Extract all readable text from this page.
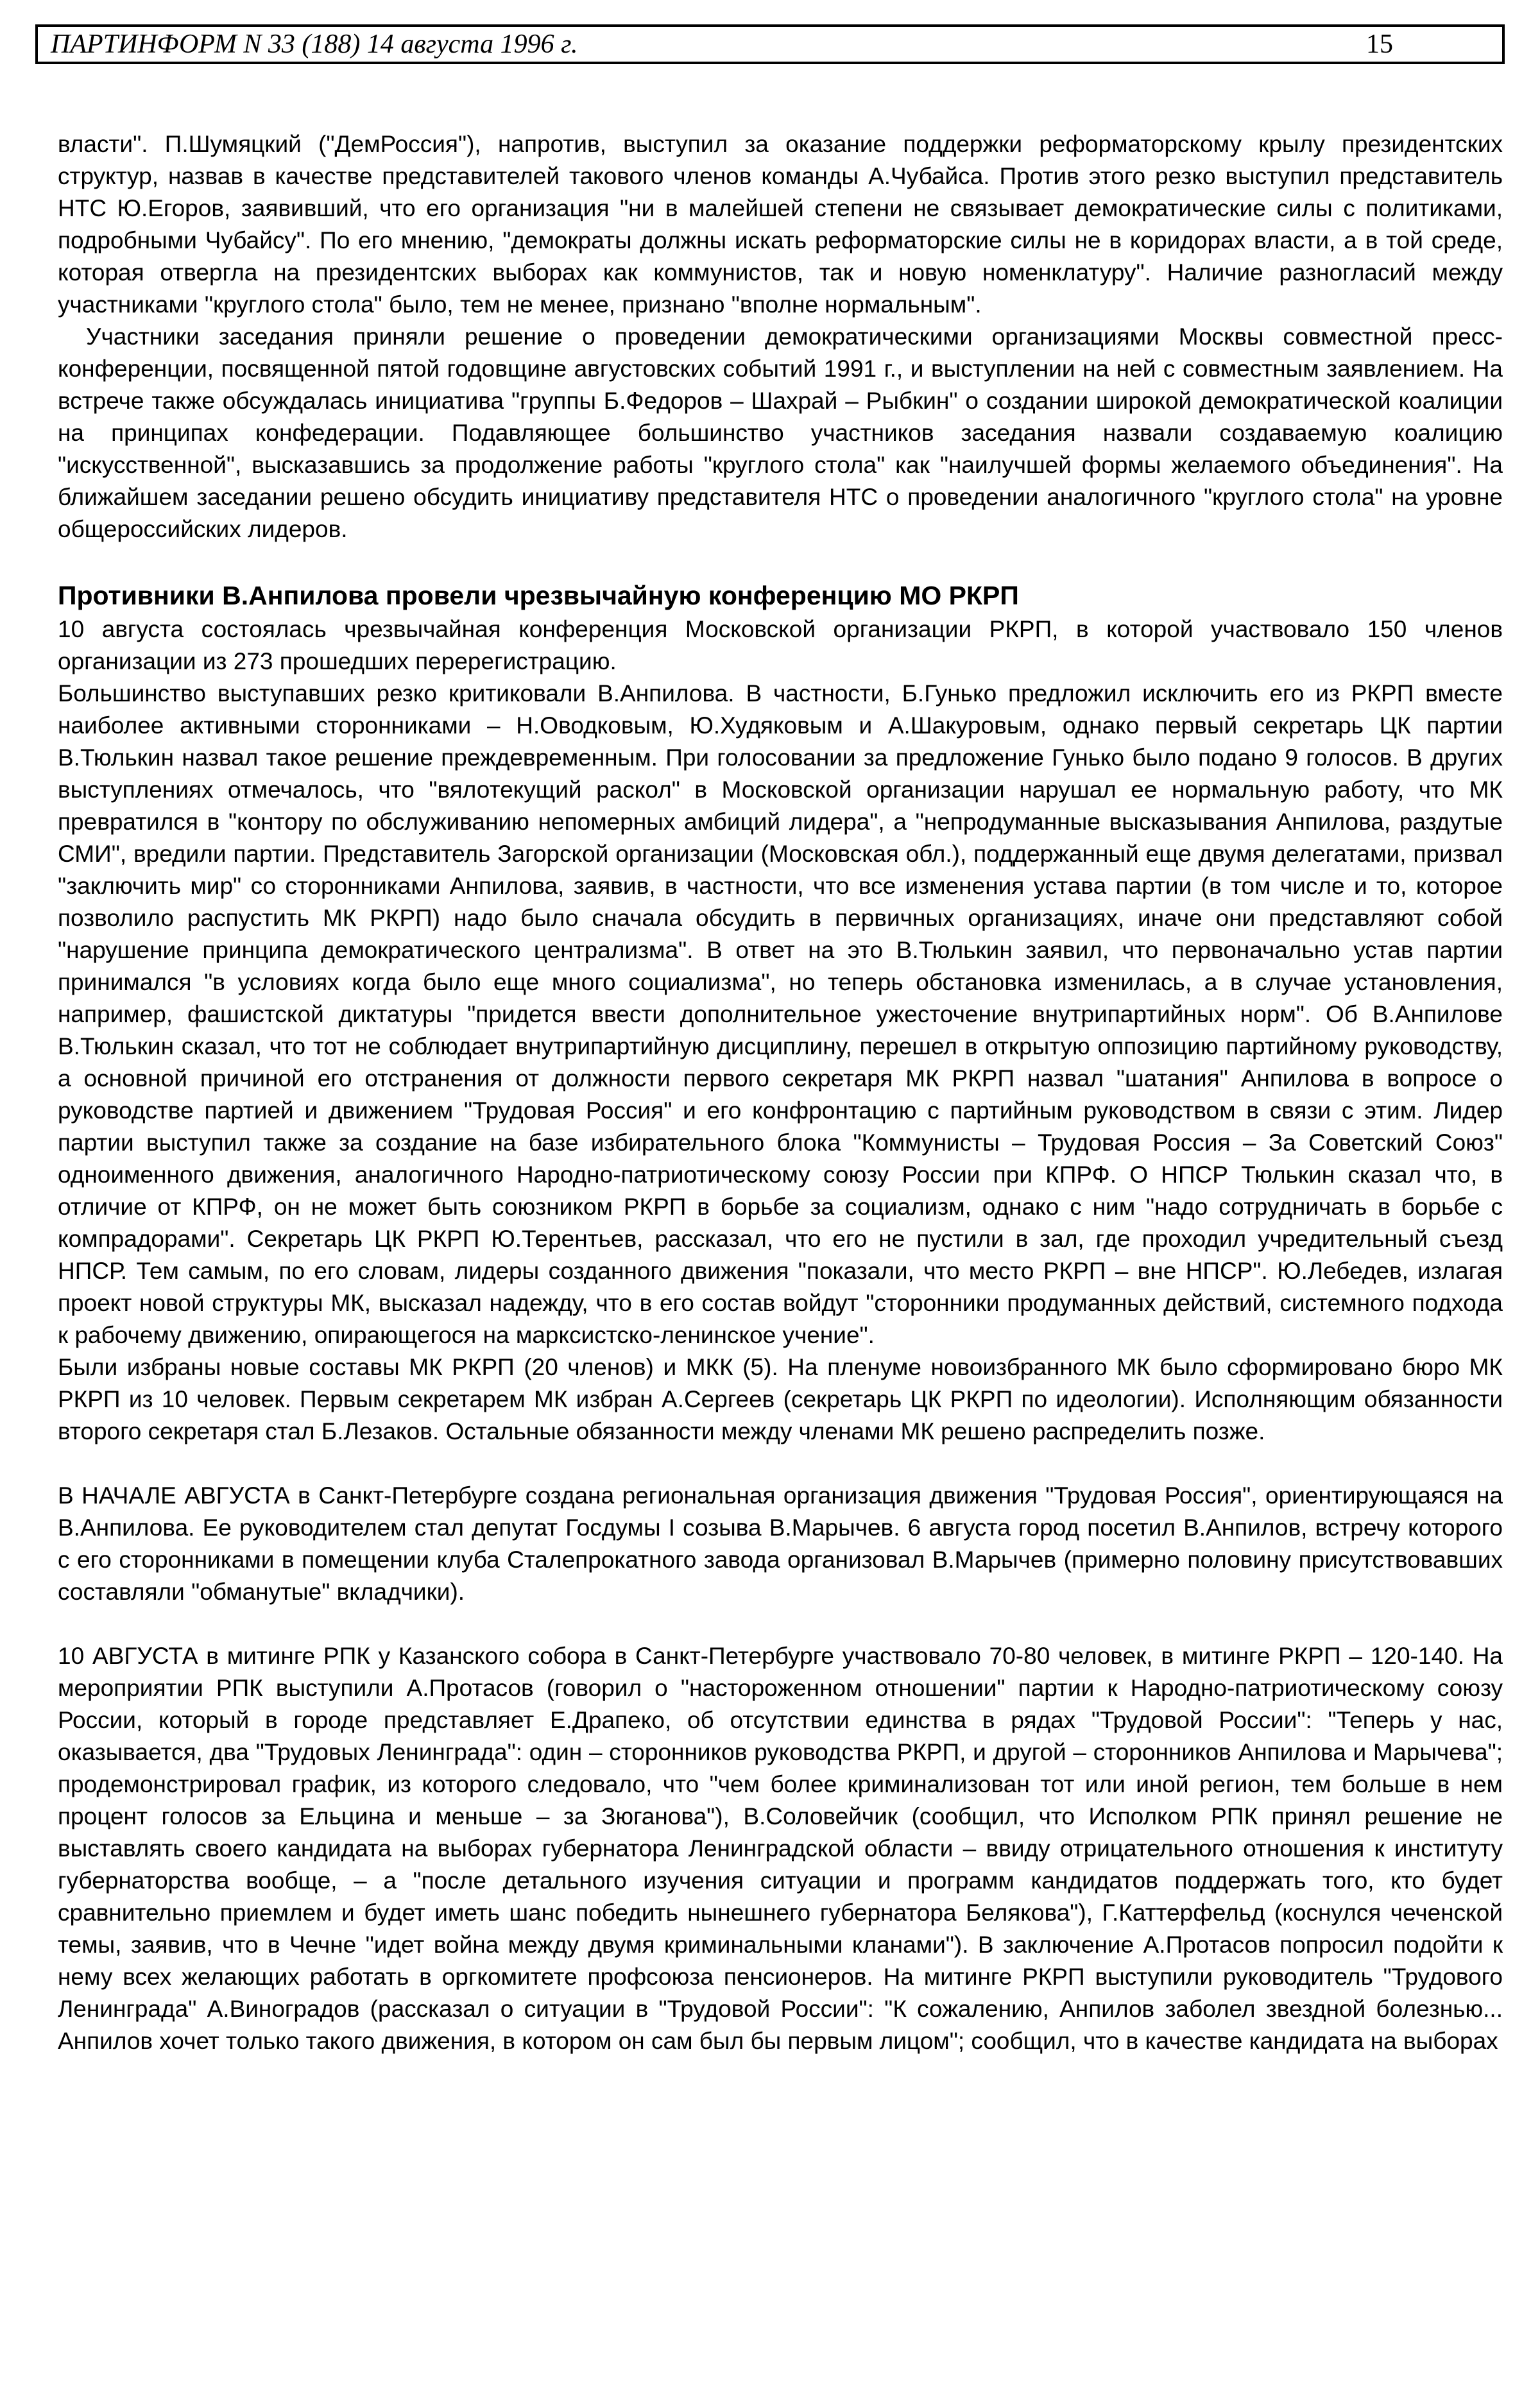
ПАРТИНФОРМ N 33 (188) 14 августа 1996 г.	15

власти". П.Шумяцкий ("ДемРоссия"), напротив, выступил за оказание поддержки реформаторскому крылу президентских структур, назвав в качестве представителей такового членов команды А.Чубайса. Против этого резко выступил представитель НТС Ю.Егоров, заявивший, что его организация "ни в малейшей степени не связывает демократические силы с политиками, подробными Чубайсу". По его мнению, "демократы должны искать реформаторские силы не в коридорах власти, а в той среде, которая отвергла на президентских выборах как коммунистов, так и новую номенклатуру". Наличие разногласий между участниками "круглого стола" было, тем не менее, признано "вполне нормальным".

Участники заседания приняли решение о проведении демократическими организациями Москвы совместной пресс-конференции, посвященной пятой годовщине августовских событий 1991 г., и выступлении на ней с совместным заявлением. На встрече также обсуждалась инициатива "группы Б.Федоров – Шахрай – Рыбкин" о создании широкой демократической коалиции на принципах конфедерации. Подавляющее большинство участников заседания назвали создаваемую коалицию "искусственной", высказавшись за продолжение работы "круглого стола" как "наилучшей формы желаемого объединения". На ближайшем заседании решено обсудить инициативу представителя НТС о проведении аналогичного "круглого стола" на уровне общероссийских лидеров.

Противники В.Анпилова провели чрезвычайную конференцию МО РКРП

10 августа состоялась чрезвычайная конференция Московской организации РКРП, в которой участвовало 150 членов организации из 273 прошедших перерегистрацию.

Большинство выступавших резко критиковали В.Анпилова. В частности, Б.Гунько предложил исключить его из РКРП вместе наиболее активными сторонниками – Н.Оводковым, Ю.Худяковым и А.Шакуровым, однако первый секретарь ЦК партии В.Тюлькин назвал такое решение преждевременным. При голосовании за предложение Гунько было подано 9 голосов. В других выступлениях отмечалось, что "вялотекущий раскол" в Московской организации нарушал ее нормальную работу, что МК превратился в "контору по обслуживанию непомерных амбиций лидера", а "непродуманные высказывания Анпилова, раздутые СМИ", вредили партии. Представитель Загорской организации (Московская обл.), поддержанный еще двумя делегатами, призвал "заключить мир" со сторонниками Анпилова, заявив, в частности, что все изменения устава партии (в том числе и то, которое позволило распустить МК РКРП) надо было сначала обсудить в первичных организациях, иначе они представляют собой "нарушение принципа демократического централизма". В ответ на это В.Тюлькин заявил, что первоначально устав партии принимался "в условиях когда было еще много социализма", но теперь обстановка изменилась, а в случае установления, например, фашистской диктатуры "придется ввести дополнительное ужесточение внутрипартийных норм". Об В.Анпилове В.Тюлькин сказал, что тот не соблюдает внутрипартийную дисциплину, перешел в открытую оппозицию партийному руководству, а основной причиной его отстранения от должности первого секретаря МК РКРП назвал "шатания" Анпилова в вопросе о руководстве партией и движением "Трудовая Россия" и его конфронтацию с партийным руководством в связи с этим. Лидер партии выступил также за создание на базе избирательного блока "Коммунисты – Трудовая Россия – За Советский Союз" одноименного движения, аналогичного Народно-патриотическому союзу России при КПРФ. О НПСР Тюлькин сказал что, в отличие от КПРФ, он не может быть союзником РКРП в борьбе за социализм, однако с ним "надо сотрудничать в борьбе с компрадорами". Секретарь ЦК РКРП Ю.Терентьев, рассказал, что его не пустили в зал, где проходил учредительный съезд НПСР. Тем самым, по его словам, лидеры созданного движения "показали, что место РКРП – вне НПСР". Ю.Лебедев, излагая проект новой структуры МК, высказал надежду, что в его состав войдут "сторонники продуманных действий, системного подхода к рабочему движению, опирающегося на марксистско-ленинское учение".

Были избраны новые составы МК РКРП (20 членов) и МКК (5). На пленуме новоизбранного МК было сформировано бюро МК РКРП из 10 человек. Первым секретарем МК избран А.Сергеев (секретарь ЦК РКРП по идеологии). Исполняющим обязанности второго секретаря стал Б.Лезаков. Остальные обязанности между членами МК решено распределить позже.

В НАЧАЛЕ АВГУСТА в Санкт-Петербурге создана региональная организация движения "Трудовая Россия", ориентирующаяся на В.Анпилова. Ее руководителем стал депутат Госдумы I созыва В.Марычев. 6 августа город посетил В.Анпилов, встречу которого с его сторонниками в помещении клуба Сталепрокатного завода организовал В.Марычев (примерно половину присутствовавших составляли "обманутые" вкладчики).

10 АВГУСТА в митинге РПК у Казанского собора в Санкт-Петербурге участвовало 70-80 человек, в митинге РКРП – 120-140. На мероприятии РПК выступили А.Протасов (говорил о "настороженном отношении" партии к Народно-патриотическому союзу России, который в городе представляет Е.Драпеко, об отсутствии единства в рядах "Трудовой России": "Теперь у нас, оказывается, два "Трудовых Ленинграда": один – сторонников руководства РКРП, и другой – сторонников Анпилова и Марычева"; продемонстрировал график, из которого следовало, что "чем более криминализован тот или иной регион, тем больше в нем процент голосов за Ельцина и меньше – за Зюганова"), В.Соловейчик (сообщил, что Исполком РПК принял решение не выставлять своего кандидата на выборах губернатора Ленинградской области – ввиду отрицательного отношения к институту губернаторства вообще, – а "после детального изучения ситуации и программ кандидатов поддержать того, кто будет сравнительно приемлем и будет иметь шанс победить нынешнего губернатора Белякова"), Г.Каттерфельд (коснулся чеченской темы, заявив, что в Чечне "идет война между двумя криминальными кланами"). В заключение А.Протасов попросил подойти к нему всех желающих работать в оргкомитете профсоюза пенсионеров. На митинге РКРП выступили руководитель "Трудового Ленинграда" А.Виноградов (рассказал о ситуации в "Трудовой России": "К сожалению, Анпилов заболел звездной болезнью... Анпилов хочет только такого движения, в котором он сам был бы первым лицом"; сообщил, что в качестве кандидата на выборах
